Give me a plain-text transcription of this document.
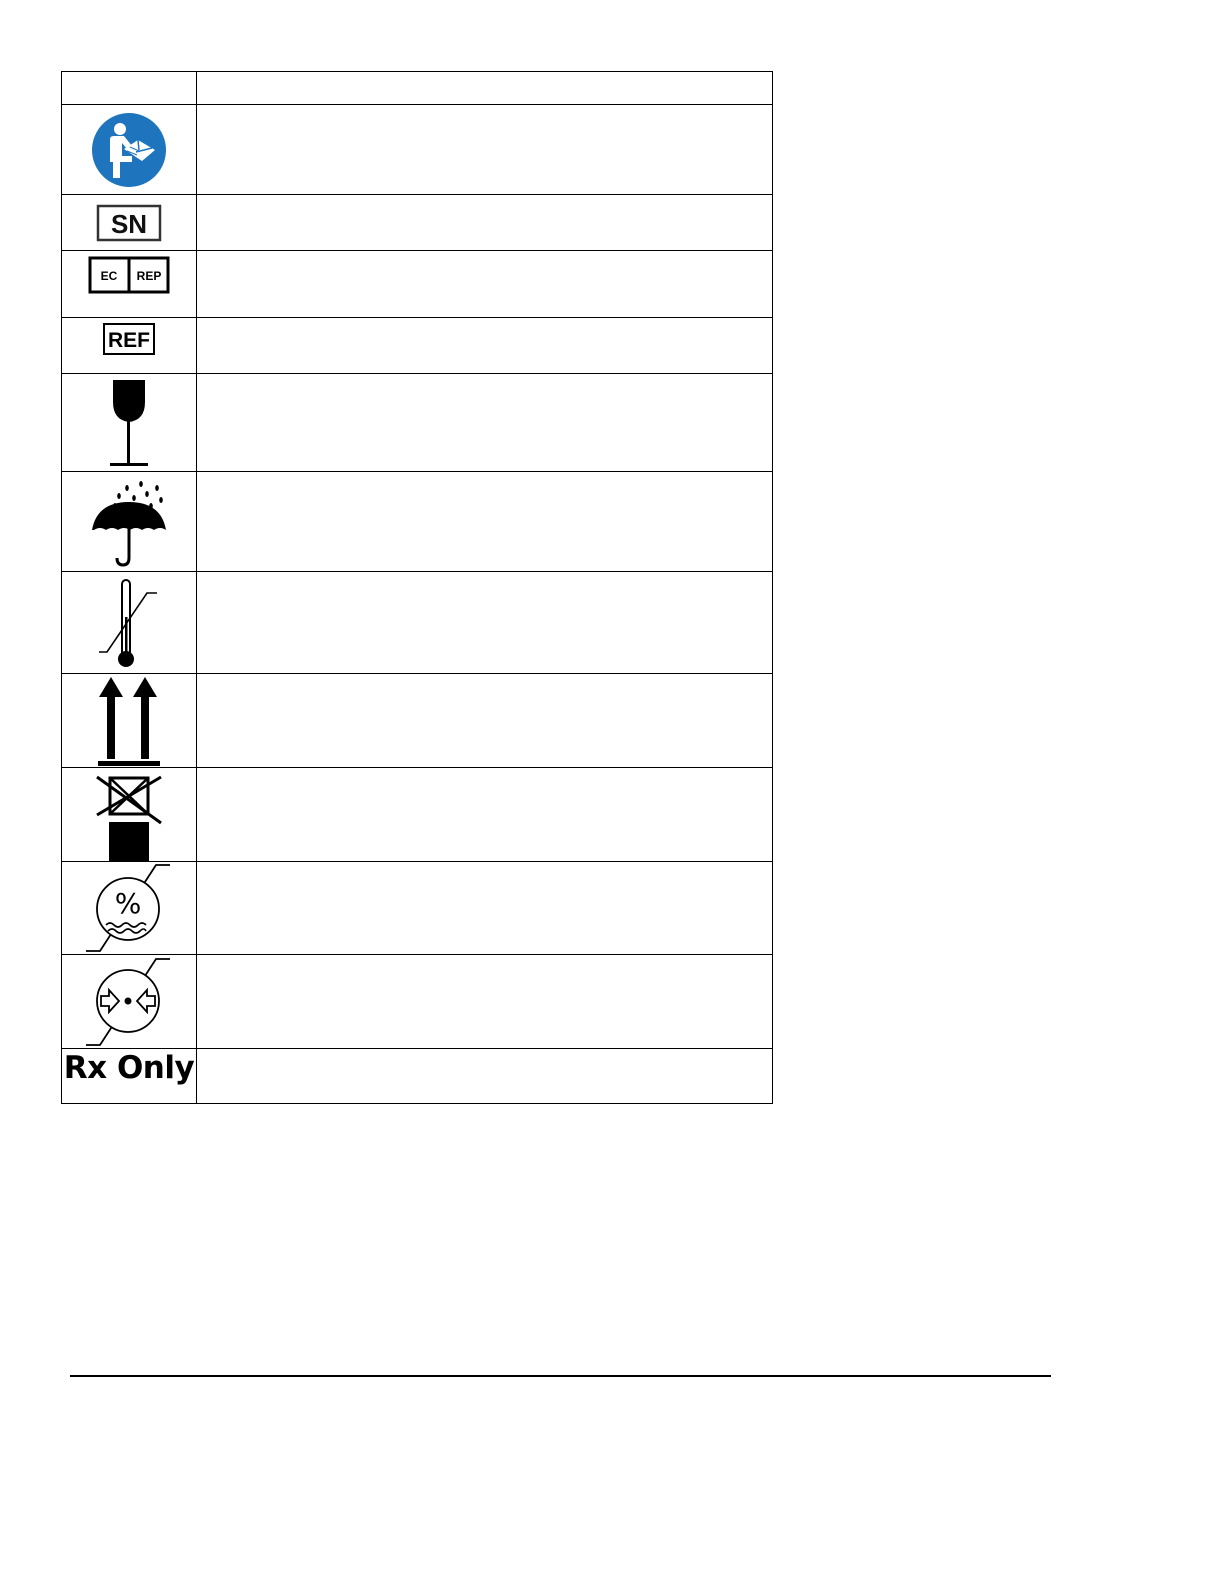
SN	

EC REP	

REF	

%	

Rx Only	
